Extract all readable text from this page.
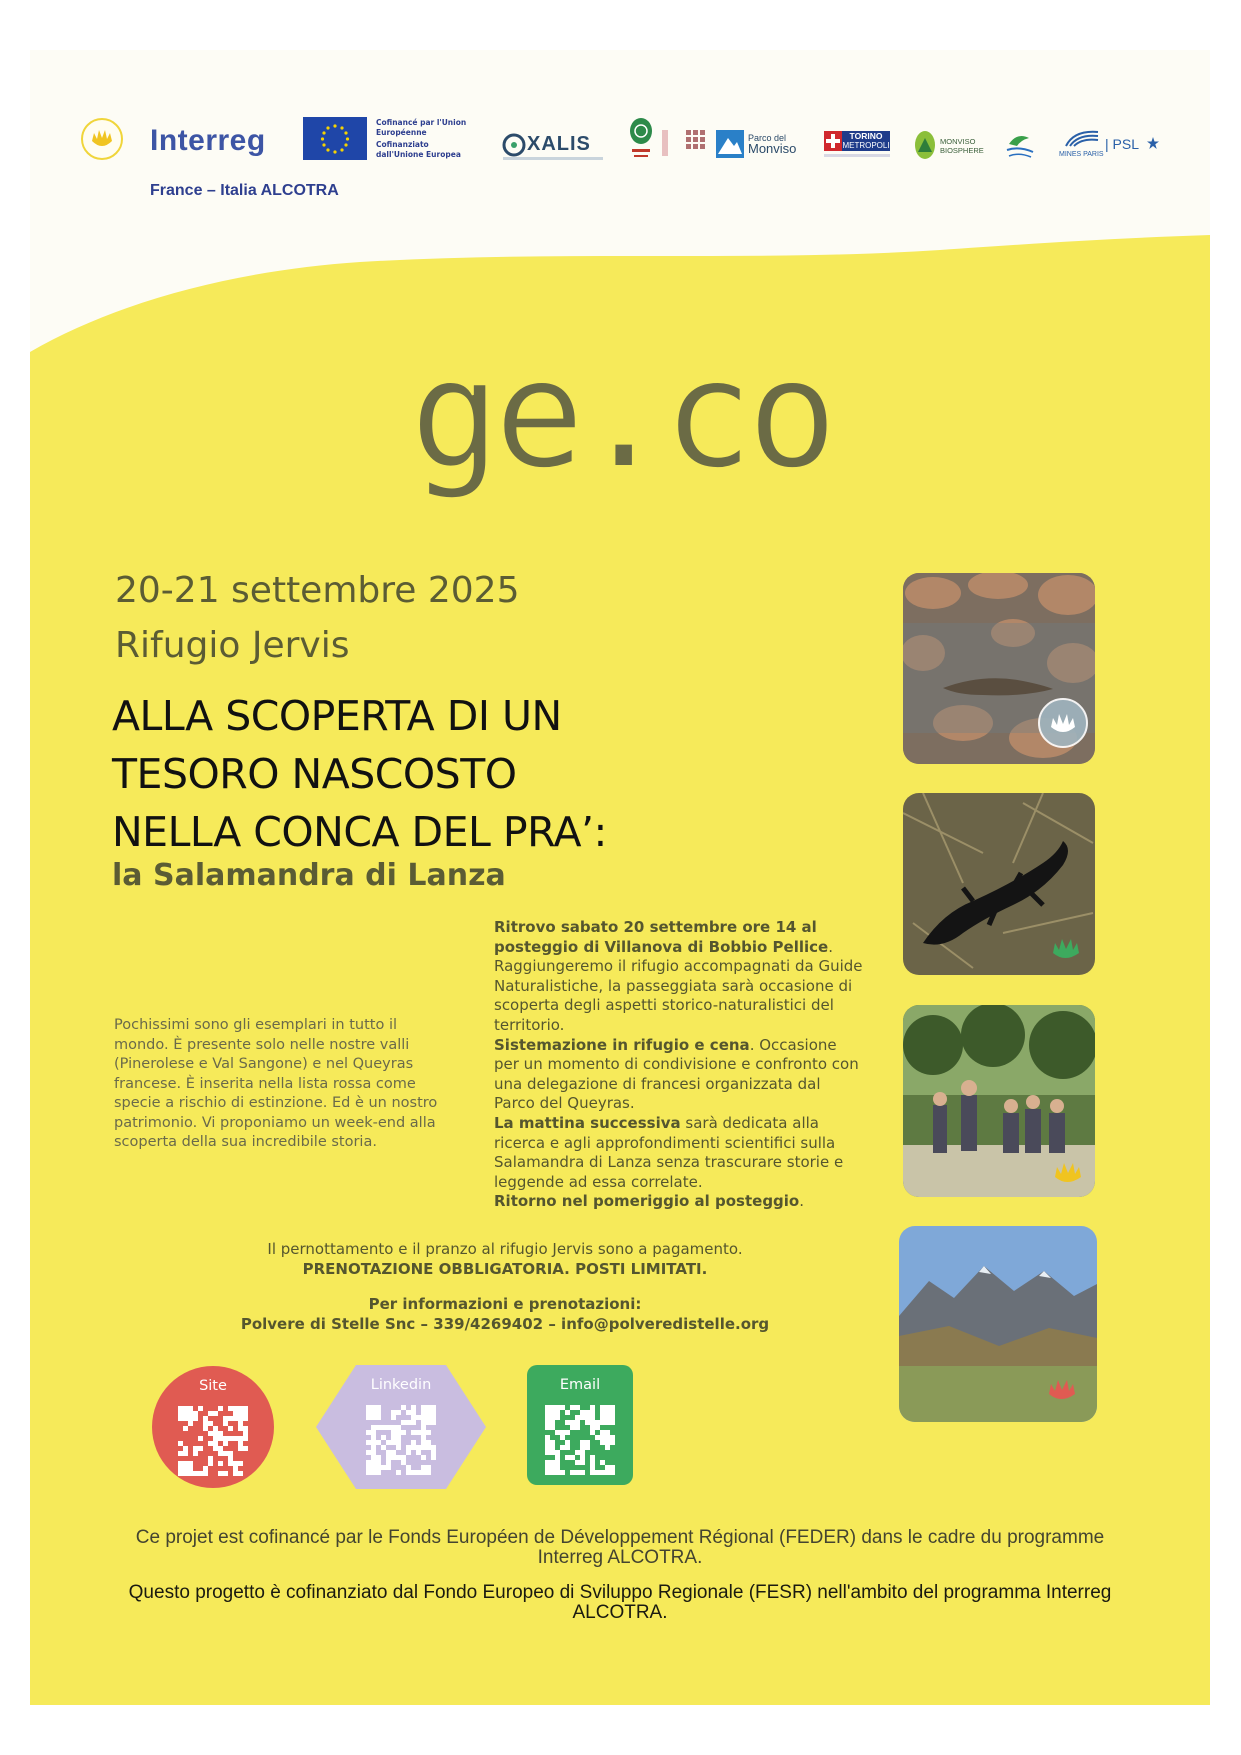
Interreg
France – Italia ALCOTRA
Cofinancé par l'Union Européenne
Cofinanziato dall'Unione Europea	XALIS	Parco del
Monviso
TORINO
METROPOLI	MONVISO
BIOSPHERE	MINES PARIS
| PSL
ge.co
20-21 settembre 2025
Rifugio Jervis
ALLA SCOPERTA DI UN
TESORO NASCOSTO
NELLA CONCA DEL PRA’:
la Salamandra di Lanza
Pochissimi sono gli esemplari in tutto il mondo. È presente solo nelle nostre valli (Pinerolese e Val Sangone) e nel Queyras francese. È inserita nella lista rossa come specie a rischio di estinzione. Ed è un nostro patrimonio. Vi proponiamo un week-end alla scoperta della sua incredibile storia.
Ritrovo sabato 20 settembre ore 14 al posteggio di Villanova di Bobbio Pellice. Raggiungeremo il rifugio accompagnati da Guide Naturalistiche, la passeggiata sarà occasione di scoperta degli aspetti storico-naturalistici del territorio.
Sistemazione in rifugio e cena. Occasione per un momento di condivisione e confronto con una delegazione di francesi organizzata dal Parco del Queyras.
La mattina successiva sarà dedicata alla ricerca e agli approfondimenti scientifici sulla Salamandra di Lanza senza trascurare storie e leggende ad essa correlate.
Ritorno nel pomeriggio al posteggio.
Il pernottamento e il pranzo al rifugio Jervis sono a pagamento.
PRENOTAZIONE OBBLIGATORIA. POSTI LIMITATI.
Per informazioni e prenotazioni:
Polvere di Stelle Snc – 339/4269402 – info@polveredistelle.org
Site	Linkedin	Email
Ce projet est cofinancé par le Fonds Européen de Développement Régional (FEDER) dans le cadre du programme Interreg ALCOTRA.
Questo progetto è cofinanziato dal Fondo Europeo di Sviluppo Regionale (FESR) nell'ambito del programma Interreg ALCOTRA.
